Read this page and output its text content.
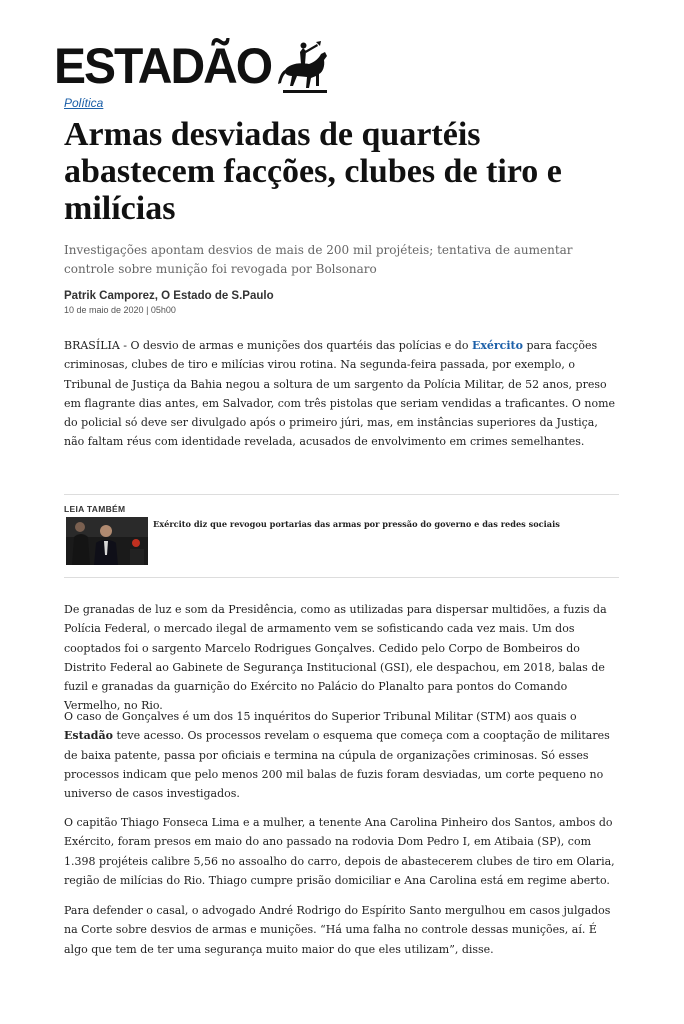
ESTADÃO
Política
Armas desviadas de quartéis abastecem facções, clubes de tiro e milícias

Investigações apontam desvios de mais de 200 mil projéteis; tentativa de aumentar controle sobre munição foi revogada por Bolsonaro

Patrik Camporez, O Estado de S.Paulo
10 de maio de 2020 | 05h00

BRASÍLIA - O desvio de armas e munições dos quartéis das polícias e do Exército para facções criminosas, clubes de tiro e milícias virou rotina. Na segunda-feira passada, por exemplo, o Tribunal de Justiça da Bahia negou a soltura de um sargento da Polícia Militar, de 52 anos, preso em flagrante dias antes, em Salvador, com três pistolas que seriam vendidas a traficantes. O nome do policial só deve ser divulgado após o primeiro júri, mas, em instâncias superiores da Justiça, não faltam réus com identidade revelada, acusados de envolvimento em crimes semelhantes.

LEIA TAMBÉM
Exército diz que revogou portarias das armas por pressão do governo e das redes sociais

De granadas de luz e som da Presidência, como as utilizadas para dispersar multidões, a fuzis da Polícia Federal, o mercado ilegal de armamento vem se sofisticando cada vez mais. Um dos cooptados foi o sargento Marcelo Rodrigues Gonçalves. Cedido pelo Corpo de Bombeiros do Distrito Federal ao Gabinete de Segurança Institucional (GSI), ele despachou, em 2018, balas de fuzil e granadas da guarnição do Exército no Palácio do Planalto para pontos do Comando Vermelho, no Rio.

O caso de Gonçalves é um dos 15 inquéritos do Superior Tribunal Militar (STM) aos quais o Estadão teve acesso. Os processos revelam o esquema que começa com a cooptação de militares de baixa patente, passa por oficiais e termina na cúpula de organizações criminosas. Só esses processos indicam que pelo menos 200 mil balas de fuzis foram desviadas, um corte pequeno no universo de casos investigados.

O capitão Thiago Fonseca Lima e a mulher, a tenente Ana Carolina Pinheiro dos Santos, ambos do Exército, foram presos em maio do ano passado na rodovia Dom Pedro I, em Atibaia (SP), com 1.398 projéteis calibre 5,56 no assoalho do carro, depois de abastecerem clubes de tiro em Olaria, região de milícias do Rio. Thiago cumpre prisão domiciliar e Ana Carolina está em regime aberto.

Para defender o casal, o advogado André Rodrigo do Espírito Santo mergulhou em casos julgados na Corte sobre desvios de armas e munições. “Há uma falha no controle dessas munições, aí. É algo que tem de ter uma segurança muito maior do que eles utilizam”, disse.
